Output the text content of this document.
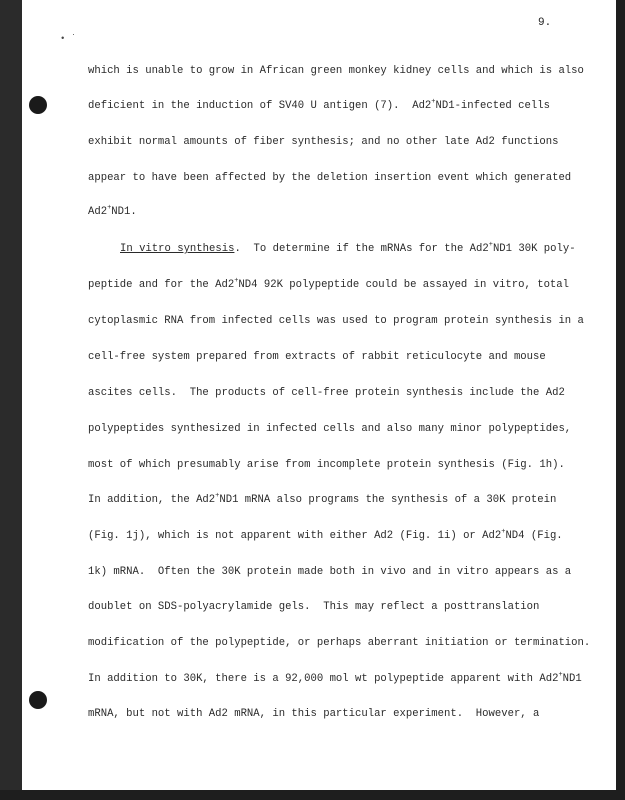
• ˙
9.
which is unable to grow in African green monkey kidney cells and which is also
deficient in the induction of SV40 U antigen (7).  Ad2+ND1-infected cells
exhibit normal amounts of fiber synthesis; and no other late Ad2 functions
appear to have been affected by the deletion insertion event which generated
Ad2+ND1.
In vitro synthesis.  To determine if the mRNAs for the Ad2+ND1 30K poly-
peptide and for the Ad2+ND4 92K polypeptide could be assayed in vitro, total
cytoplasmic RNA from infected cells was used to program protein synthesis in a
cell-free system prepared from extracts of rabbit reticulocyte and mouse
ascites cells.  The products of cell-free protein synthesis include the Ad2
polypeptides synthesized in infected cells and also many minor polypeptides,
most of which presumably arise from incomplete protein synthesis (Fig. 1h).
In addition, the Ad2+ND1 mRNA also programs the synthesis of a 30K protein
(Fig. 1j), which is not apparent with either Ad2 (Fig. 1i) or Ad2+ND4 (Fig.
1k) mRNA.  Often the 30K protein made both in vivo and in vitro appears as a
doublet on SDS-polyacrylamide gels.  This may reflect a posttranslation
modification of the polypeptide, or perhaps aberrant initiation or termination.
In addition to 30K, there is a 92,000 mol wt polypeptide apparent with Ad2+ND1
mRNA, but not with Ad2 mRNA, in this particular experiment.  However, a
